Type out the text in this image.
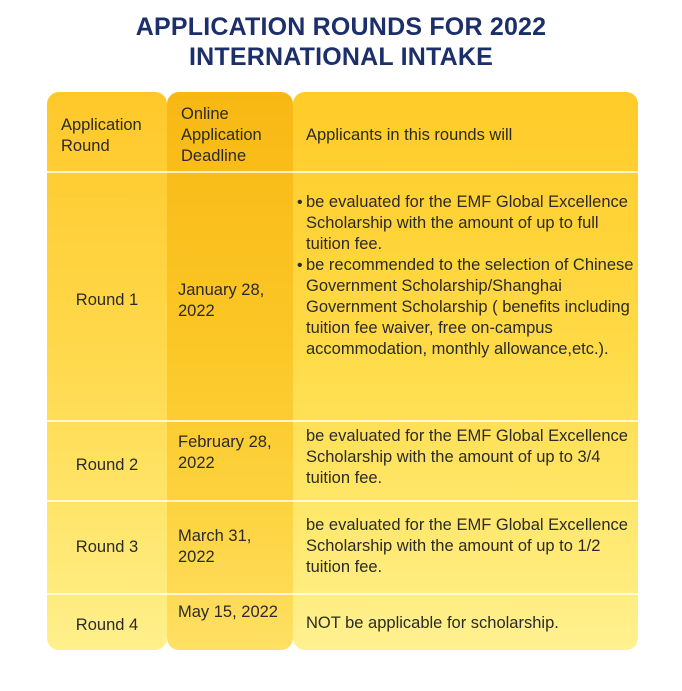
APPLICATION ROUNDS FOR 2022
INTERNATIONAL INTAKE
Application Round
Online Application Deadline
Applicants in this rounds will
Round 1
January 28, 2022
• be evaluated for the EMF Global Excellence Scholarship with the amount of up to full tuition fee.
• be recommended to the selection of Chinese Government Scholarship/Shanghai Government Scholarship ( benefits including tuition fee waiver, free on-campus accommodation, monthly allowance,etc.).
Round 2
February 28, 2022
be evaluated for the EMF Global Excellence Scholarship with the amount of up to 3/4 tuition fee.
Round 3
March 31, 2022
be evaluated for the EMF Global Excellence Scholarship with the amount of up to 1/2 tuition fee.
Round 4
May 15, 2022
NOT be applicable for scholarship.
